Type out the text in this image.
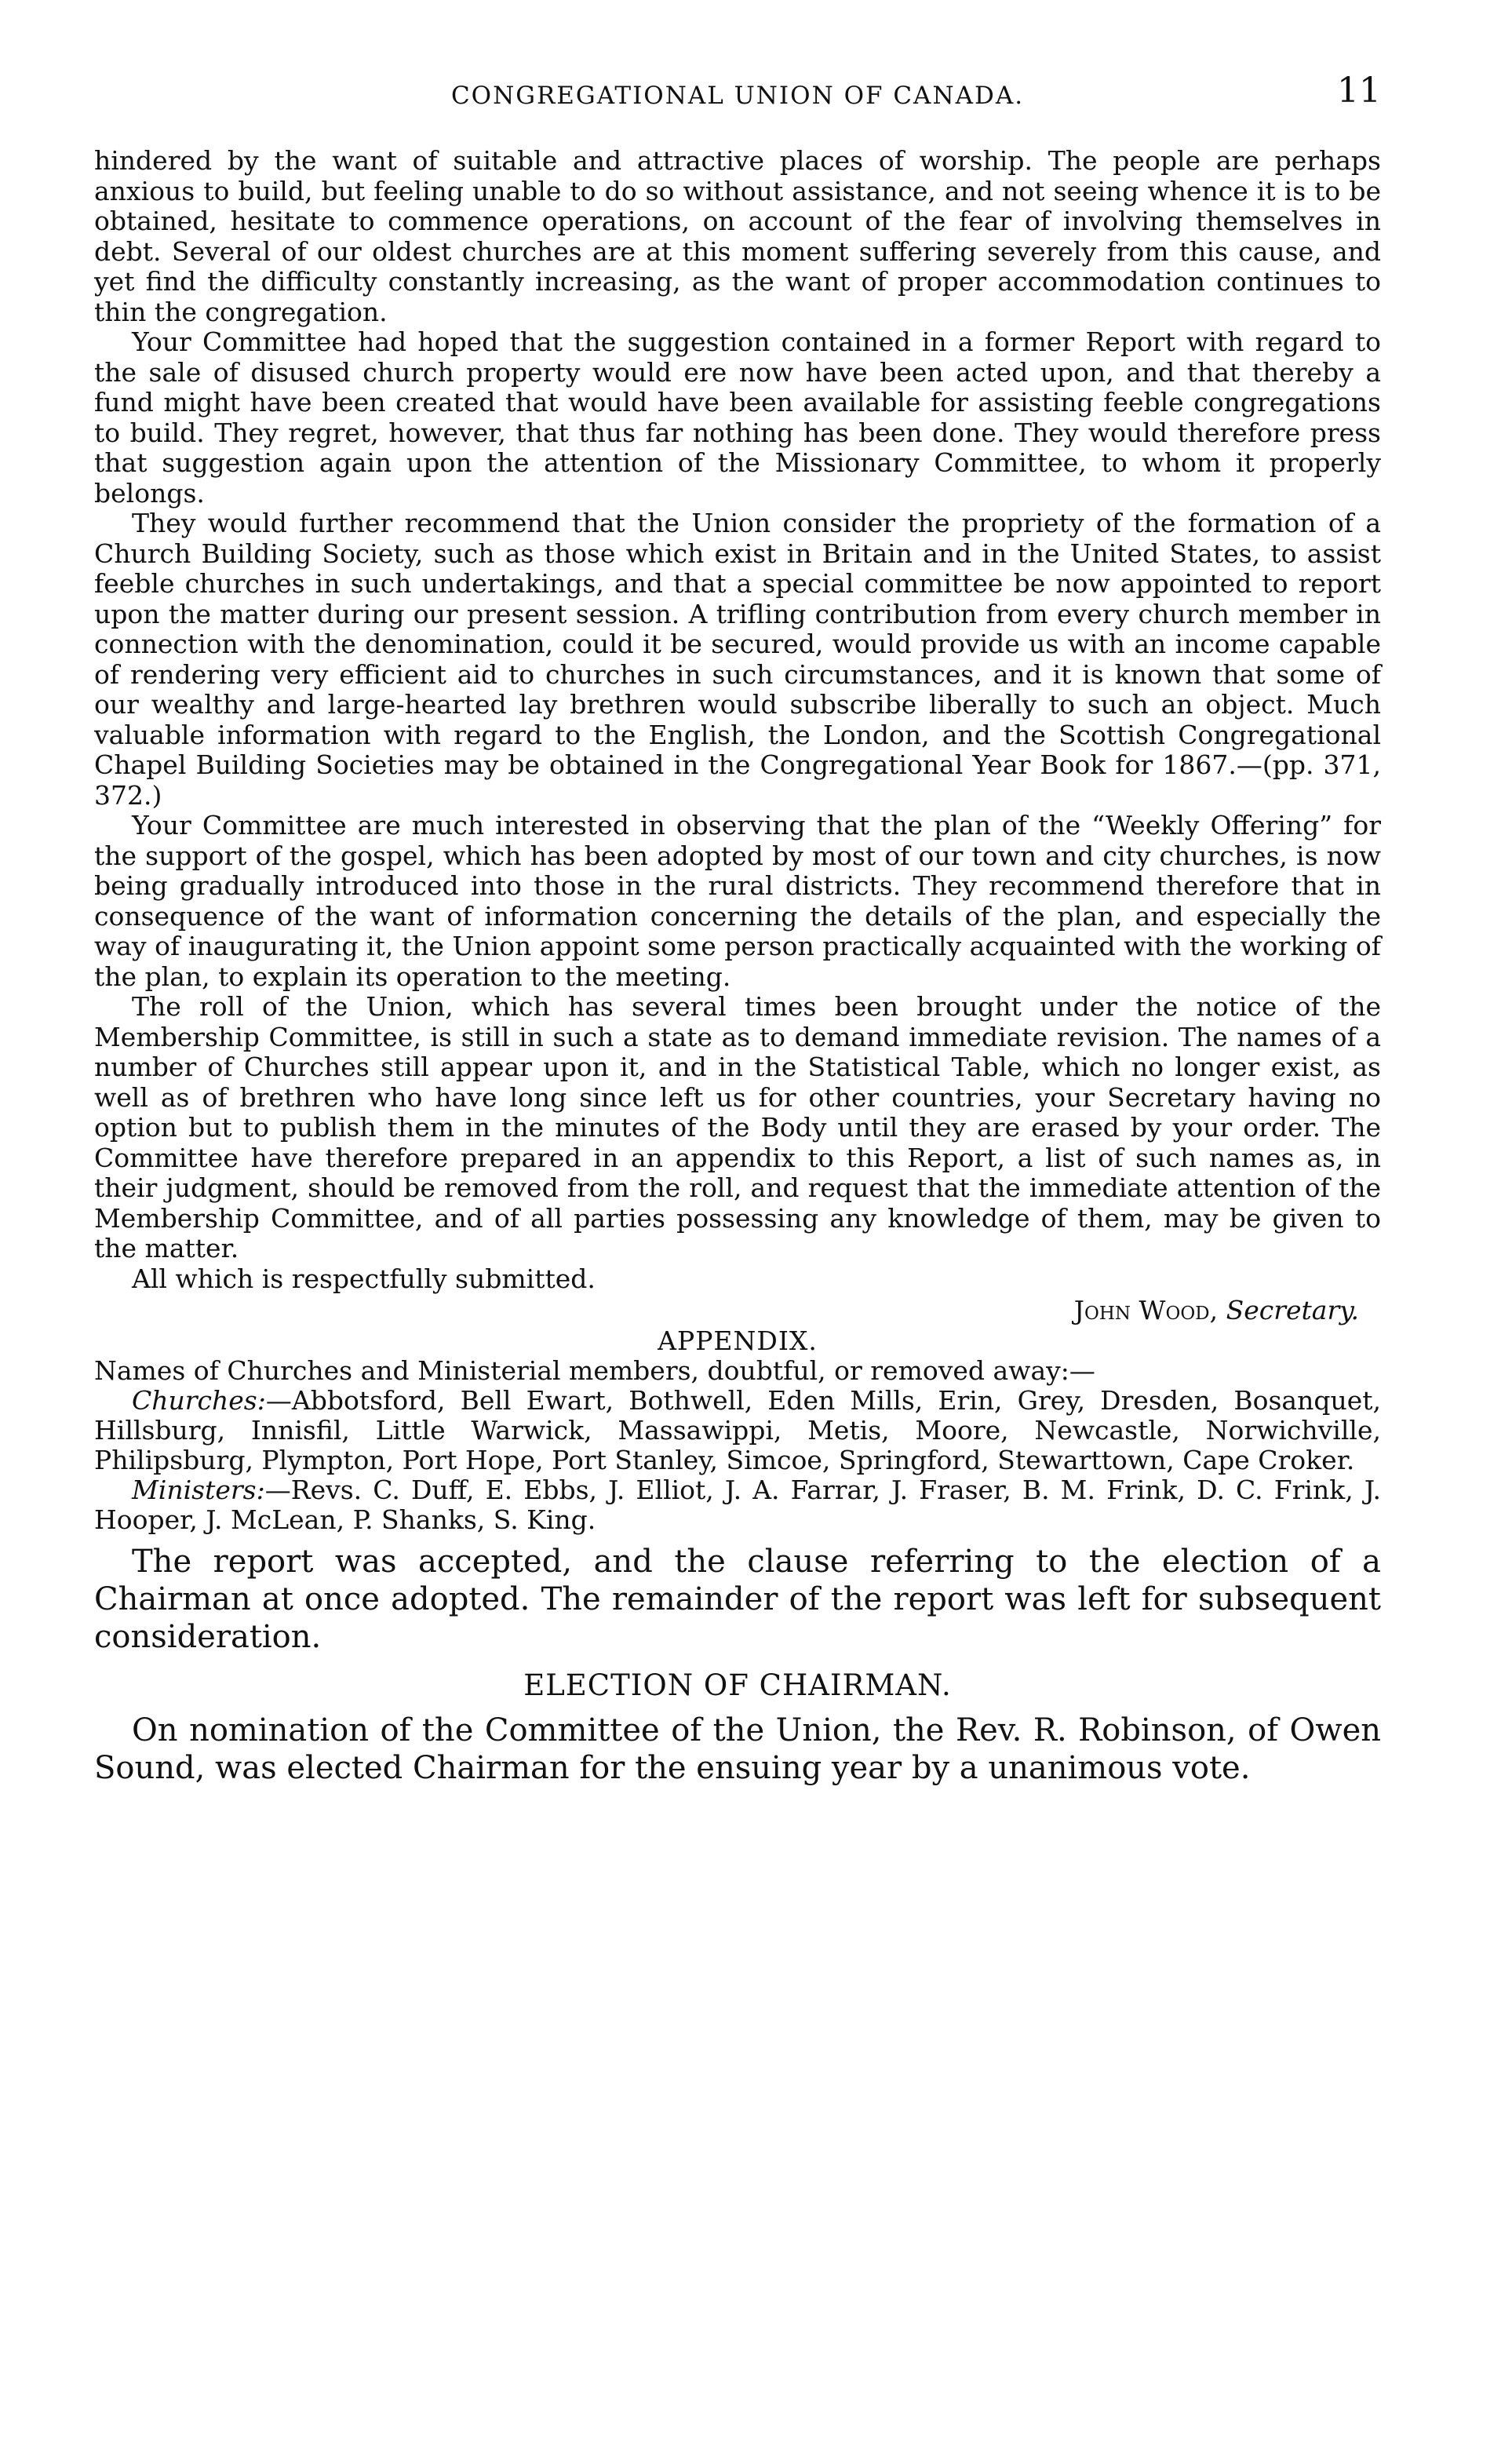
CONGREGATIONAL UNION OF CANADA.	11

hindered by the want of suitable and attractive places of worship. The people are perhaps anxious to build, but feeling unable to do so without assistance, and not seeing whence it is to be obtained, hesitate to commence operations, on account of the fear of involving themselves in debt. Several of our oldest churches are at this moment suffering severely from this cause, and yet find the difficulty constantly increasing, as the want of proper accommodation continues to thin the congregation.

Your Committee had hoped that the suggestion contained in a former Report with regard to the sale of disused church property would ere now have been acted upon, and that thereby a fund might have been created that would have been available for assisting feeble congregations to build. They regret, however, that thus far nothing has been done. They would therefore press that suggestion again upon the attention of the Missionary Committee, to whom it properly belongs.

They would further recommend that the Union consider the propriety of the formation of a Church Building Society, such as those which exist in Britain and in the United States, to assist feeble churches in such undertakings, and that a special committee be now appointed to report upon the matter during our present session. A trifling contribution from every church member in connection with the denomination, could it be secured, would provide us with an income capable of rendering very efficient aid to churches in such circumstances, and it is known that some of our wealthy and large-hearted lay brethren would subscribe liberally to such an object. Much valuable information with regard to the English, the London, and the Scottish Congregational Chapel Building Societies may be obtained in the Congregational Year Book for 1867.—(pp. 371, 372.)

Your Committee are much interested in observing that the plan of the “Weekly Offering” for the support of the gospel, which has been adopted by most of our town and city churches, is now being gradually introduced into those in the rural districts. They recommend therefore that in consequence of the want of information concerning the details of the plan, and especially the way of inaugurating it, the Union appoint some person practically acquainted with the working of the plan, to explain its operation to the meeting.

The roll of the Union, which has several times been brought under the notice of the Membership Committee, is still in such a state as to demand immediate revision. The names of a number of Churches still appear upon it, and in the Statistical Table, which no longer exist, as well as of brethren who have long since left us for other countries, your Secretary having no option but to publish them in the minutes of the Body until they are erased by your order. The Committee have therefore prepared in an appendix to this Report, a list of such names as, in their judgment, should be removed from the roll, and request that the immediate attention of the Membership Committee, and of all parties possessing any knowledge of them, may be given to the matter.

All which is respectfully submitted.

John Wood, Secretary.

APPENDIX.

Names of Churches and Ministerial members, doubtful, or removed away:—

Churches:—Abbotsford, Bell Ewart, Bothwell, Eden Mills, Erin, Grey, Dresden, Bosanquet, Hillsburg, Innisfil, Little Warwick, Massawippi, Metis, Moore, Newcastle, Norwichville, Philipsburg, Plympton, Port Hope, Port Stanley, Simcoe, Springford, Stewarttown, Cape Croker.

Ministers:—Revs. C. Duff, E. Ebbs, J. Elliot, J. A. Farrar, J. Fraser, B. M. Frink, D. C. Frink, J. Hooper, J. McLean, P. Shanks, S. King.

The report was accepted, and the clause referring to the election of a Chairman at once adopted. The remainder of the report was left for subsequent consideration.

ELECTION OF CHAIRMAN.

On nomination of the Committee of the Union, the Rev. R. Robinson, of Owen Sound, was elected Chairman for the ensuing year by a unanimous vote.
